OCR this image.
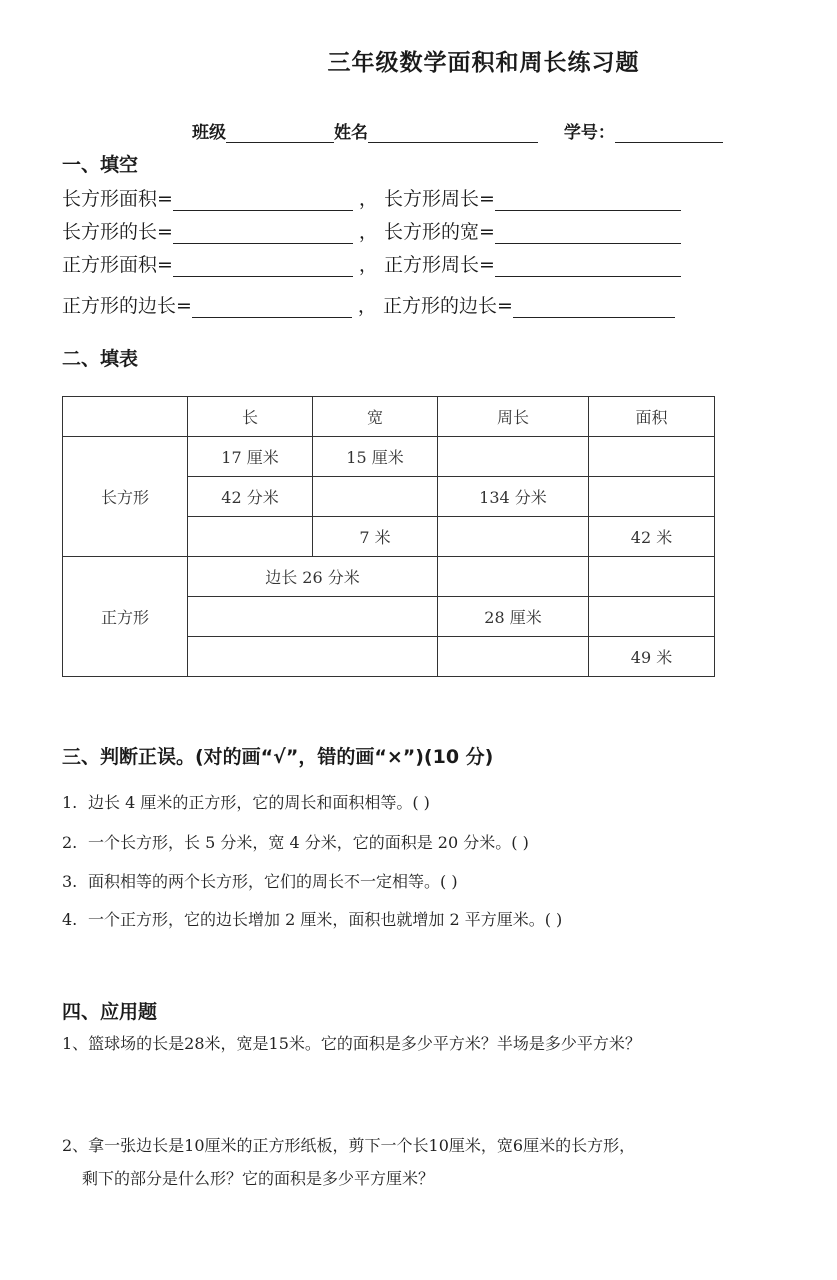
三年级数学面积和周长练习题
班级	姓名	学号：
一、填空
长方形面积=	， 长方形周长=
长方形的长=	， 长方形的宽=
正方形面积=	， 正方形周长=
正方形的边长=	， 正方形的边长=
二、填表
	长	宽	周长	面积
长方形	17 厘米	15 厘米		
	42 分米		134 分米	
		7 米		42 米
正方形	边长 26 分米			
			28 厘米	
				49 米
三、判断正误。(对的画“√”，错的画“×”)(10 分)
1. 边长 4 厘米的正方形，它的周长和面积相等。( )
2. 一个长方形，长 5 分米，宽 4 分米，它的面积是 20 分米。( )
3. 面积相等的两个长方形，它们的周长不一定相等。( )
4. 一个正方形，它的边长增加 2 厘米，面积也就增加 2 平方厘米。( )
四、应用题
1、篮球场的长是28米，宽是15米。它的面积是多少平方米？半场是多少平方米？
2、拿一张边长是10厘米的正方形纸板，剪下一个长10厘米，宽6厘米的长方形，
剩下的部分是什么形？它的面积是多少平方厘米？
